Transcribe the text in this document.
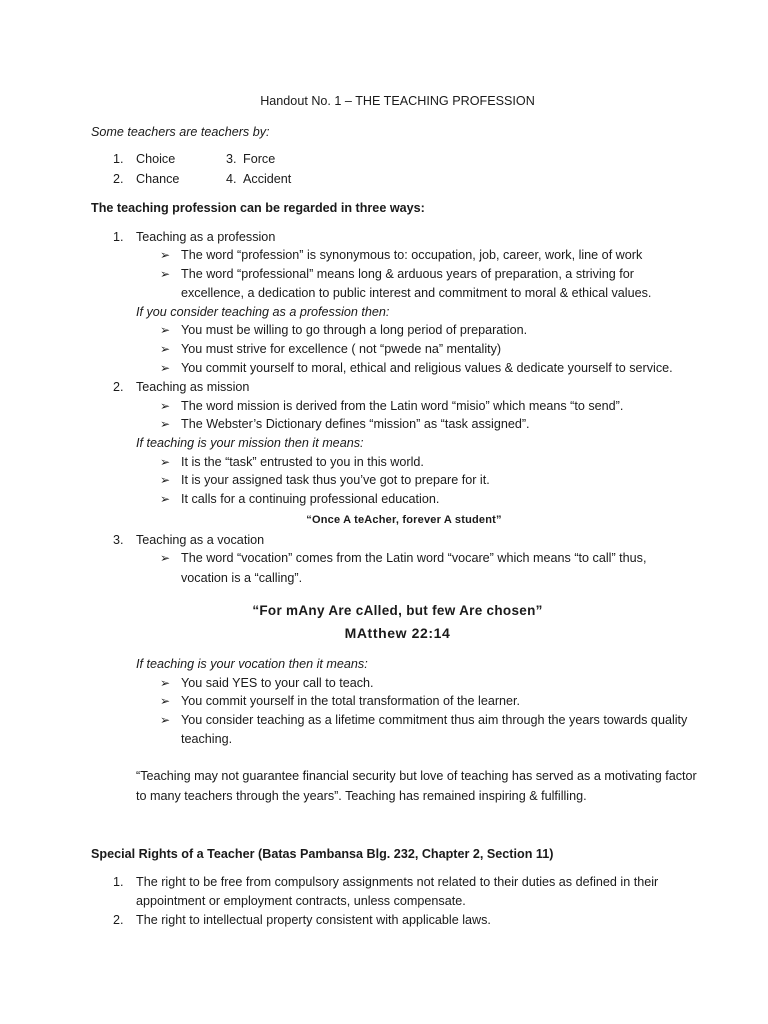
Handout No. 1 – THE TEACHING PROFESSION
Some teachers are teachers by:
1. Choice
2. Chance
3. Force
4. Accident
The teaching profession can be regarded in three ways:
1. Teaching as a profession
➢ The word “profession” is synonymous to: occupation, job, career, work, line of work
➢ The word “professional” means long & arduous years of preparation, a striving for
excellence, a dedication to public interest and commitment to moral & ethical values.
If you consider teaching as a profession then:
➢ You must be willing to go through a long period of preparation.
➢ You must strive for excellence ( not “pwede na” mentality)
➢ You commit yourself to moral, ethical and religious values & dedicate yourself to service.
2. Teaching as mission
➢ The word mission is derived from the Latin word “misio” which means “to send”.
➢ The Webster’s Dictionary defines “mission” as “task assigned”.
If teaching is your mission then it means:
➢ It is the “task” entrusted to you in this world.
➢ It is your assigned task thus you’ve got to prepare for it.
➢ It calls for a continuing professional education.
“Once A teAcher, forever A student”
3. Teaching as a vocation
➢ The word “vocation” comes from the Latin word “vocare” which means “to call” thus,
vocation is a “calling”.
“For mAny Are cAlled, but few Are chosen”
MAtthew 22:14
If teaching is your vocation then it means:
➢ You said YES to your call to teach.
➢ You commit yourself in the total transformation of the learner.
➢ You consider teaching as a lifetime commitment thus aim through the years towards quality
teaching.
“Teaching may not guarantee financial security but love of teaching has served as a motivating factor
to many teachers through the years”. Teaching has remained inspiring & fulfilling.
Special Rights of a Teacher (Batas Pambansa Blg. 232, Chapter 2, Section 11)
1. The right to be free from compulsory assignments not related to their duties as defined in their
appointment or employment contracts, unless compensate.
2. The right to intellectual property consistent with applicable laws.
